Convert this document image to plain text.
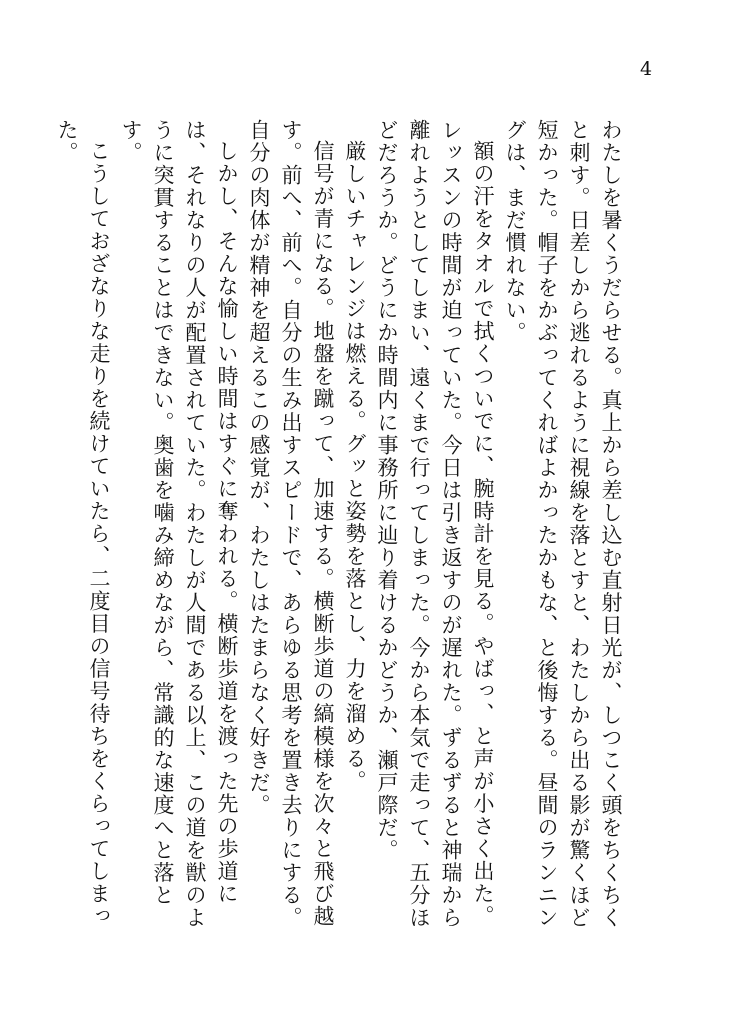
4

わたしを暑くうだらせる。真上から差し込む直射日光が、しつこく頭をちくちくと刺す。日差しから逃れるように視線を落とすと、わたしから出る影が驚くほど短かった。帽子をかぶってくればよかったかもな、と後悔する。昼間のランニングは、まだ慣れない。

額の汗をタオルで拭くついでに、腕時計を見る。やばっ、と声が小さく出た。レッスンの時間が迫っていた。今日は引き返すのが遅れた。ずるずると神瑞から離れようとしてしまい、遠くまで行ってしまった。今から本気で走って、五分ほどだろうか。どうにか時間内に事務所に辿り着けるかどうか、瀬戸際だ。

厳しいチャレンジは燃える。グッと姿勢を落とし、力を溜める。

信号が青になる。地盤を蹴って、加速する。横断歩道の縞模様を次々と飛び越す。前へ、前へ。自分の生み出すスピードで、あらゆる思考を置き去りにする。自分の肉体が精神を超えるこの感覚が、わたしはたまらなく好きだ。

しかし、そんな愉しい時間はすぐに奪われる。横断歩道を渡った先の歩道には、それなりの人が配置されていた。わたしが人間である以上、この道を獣のように突貫することはできない。奥歯を噛み締めながら、常識的な速度へと落とす。

こうしておざなりな走りを続けていたら、二度目の信号待ちをくらってしまった。
